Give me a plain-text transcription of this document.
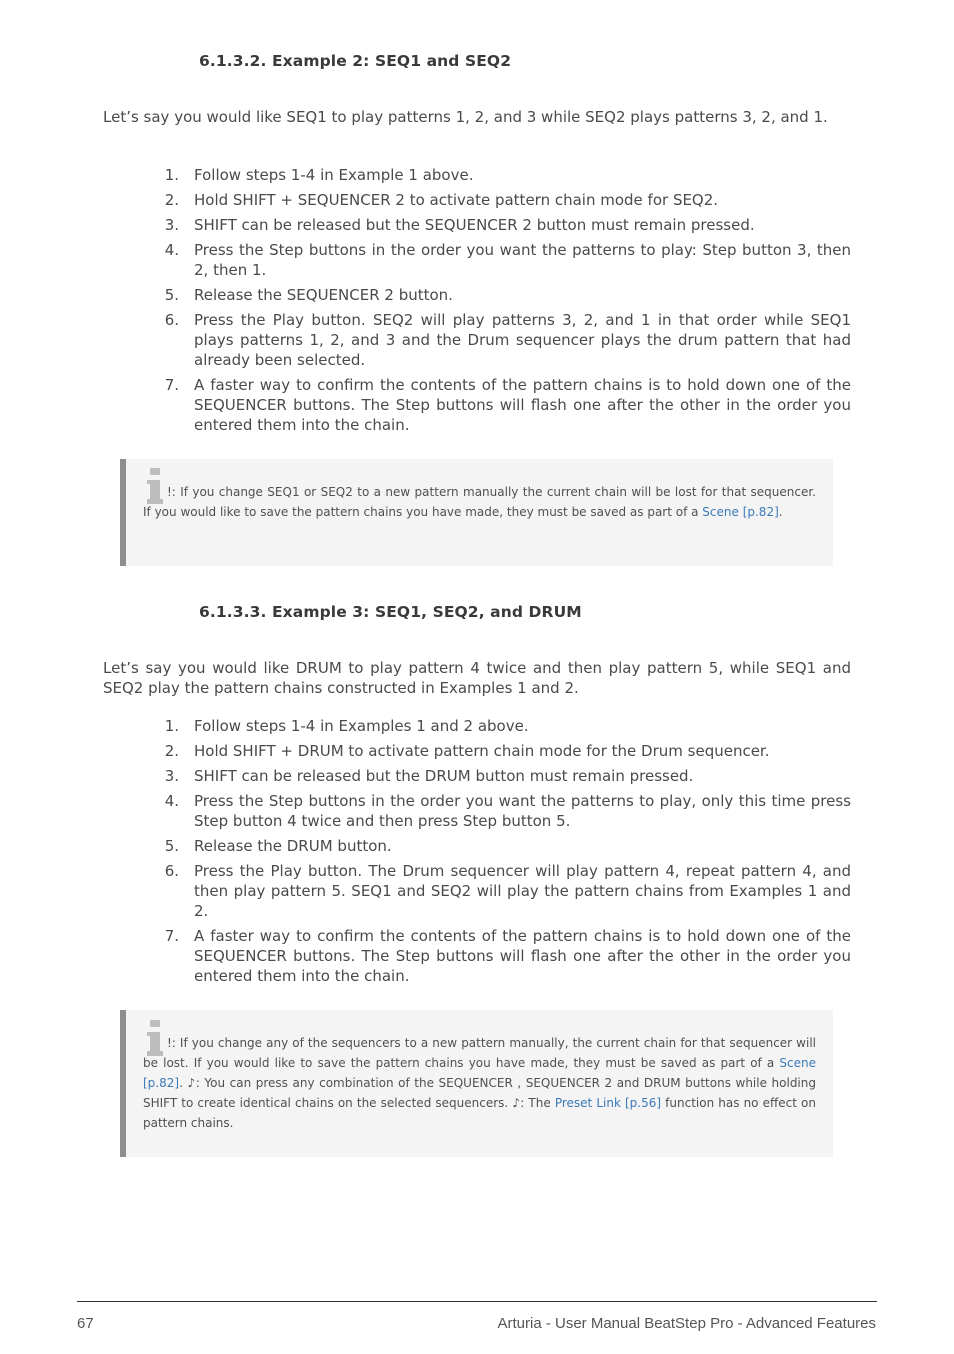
6.1.3.2. Example 2: SEQ1 and SEQ2

Let’s say you would like SEQ1 to play patterns 1, 2, and 3 while SEQ2 plays patterns 3, 2, and 1.

1. Follow steps 1-4 in Example 1 above.
2. Hold SHIFT + SEQUENCER 2 to activate pattern chain mode for SEQ2.
3. SHIFT can be released but the SEQUENCER 2 button must remain pressed.
4. Press the Step buttons in the order you want the patterns to play: Step button 3, then 2, then 1.
5. Release the SEQUENCER 2 button.
6. Press the Play button. SEQ2 will play patterns 3, 2, and 1 in that order while SEQ1 plays patterns 1, 2, and 3 and the Drum sequencer plays the drum pattern that had already been selected.
7. A faster way to confirm the contents of the pattern chains is to hold down one of the SEQUENCER buttons. The Step buttons will flash one after the other in the order you entered them into the chain.
!: If you change SEQ1 or SEQ2 to a new pattern manually the current chain will be lost for that sequencer. If you would like to save the pattern chains you have made, they must be saved as part of a Scene [p.82].
6.1.3.3. Example 3: SEQ1, SEQ2, and DRUM

Let’s say you would like DRUM to play pattern 4 twice and then play pattern 5, while SEQ1 and SEQ2 play the pattern chains constructed in Examples 1 and 2.

1. Follow steps 1-4 in Examples 1 and 2 above.
2. Hold SHIFT + DRUM to activate pattern chain mode for the Drum sequencer.
3. SHIFT can be released but the DRUM button must remain pressed.
4. Press the Step buttons in the order you want the patterns to play, only this time press Step button 4 twice and then press Step button 5.
5. Release the DRUM button.
6. Press the Play button. The Drum sequencer will play pattern 4, repeat pattern 4, and then play pattern 5. SEQ1 and SEQ2 will play the pattern chains from Examples 1 and 2.
7. A faster way to confirm the contents of the pattern chains is to hold down one of the SEQUENCER buttons. The Step buttons will flash one after the other in the order you entered them into the chain.
!: If you change any of the sequencers to a new pattern manually, the current chain for that sequencer will be lost. If you would like to save the pattern chains you have made, they must be saved as part of a Scene [p.82]. ♪: You can press any combination of the SEQUENCER , SEQUENCER 2 and DRUM buttons while holding SHIFT to create identical chains on the selected sequencers. ♪: The Preset Link [p.56] function has no effect on pattern chains.
67	Arturia - User Manual BeatStep Pro - Advanced Features
